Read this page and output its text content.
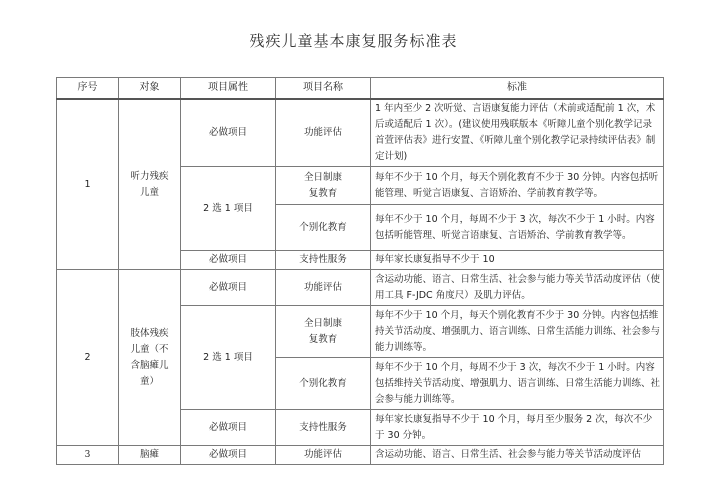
残疾儿童基本康复服务标准表
序号	对象	项目属性	项目名称	标准
1	听力残疾儿童	必做项目	功能评估	1 年内至少 2 次听觉、言语康复能力评估（术前或适配前 1 次，术后或适配后 1 次）。(建议使用残联版本《听障儿童个别化教学记录首萱评估表》进行安置、《听障儿童个别化教学记录持续评估表》制定计划)
		2 选 1 项目	全日制康复教育	每年不少于 10 个月，每天个别化教育不少于 30 分钟。内容包括听能管理、听觉言语康复、言语矫治、学前教育教学等。
			个别化教育	每年不少于 10 个月，每周不少于 3 次，每次不少于 1 小时。内容包括听能管理、听觉言语康复、言语矫治、学前教育教学等。
		必做项目	支持性服务	每年家长康复指导不少于 10
2	肢体残疾儿童（不含脑瘫儿童）	必做项目	功能评估	含运动功能、语言、日常生活、社会参与能力等关节活动度评估（使用工具 F-JDC 角度尺）及肌力评估。
		2 选 1 项目	全日制康复教育	每年不少于 10 个月，每天个别化教育不少于 30 分钟。内容包括维持关节活动度、增强肌力、语言训练、日常生活能力训练、社会参与能力训练等。
			个别化教育	每年不少于 10 个月，每周不少于 3 次，每次不少于 1 小时。内容包括维持关节活动度、增强肌力、语言训练、日常生活能力训练、社会参与能力训练等。
		必做项目	支持性服务	每年家长康复指导不少于 10 个月，每月至少服务 2 次，每次不少于 30 分钟。
3	脑瘫	必做项目	功能评估	含运动功能、语言、日常生活、社会参与能力等关节活动度评估
